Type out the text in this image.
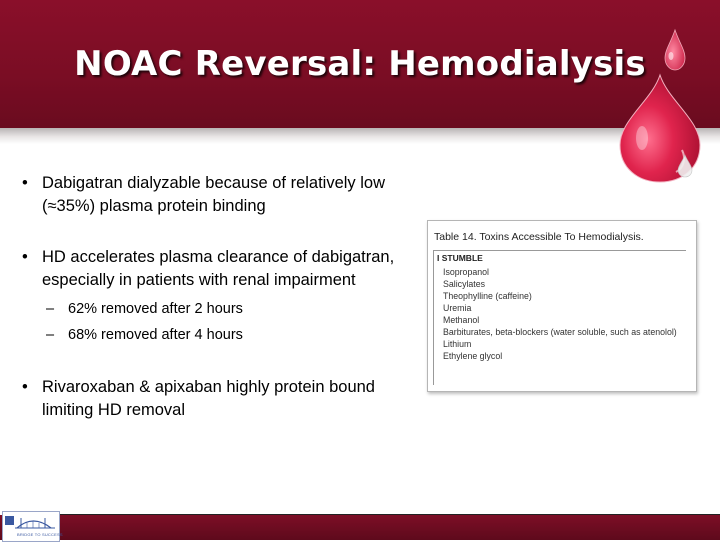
NOAC Reversal: Hemodialysis
• Dabigatran dialyzable because of relatively low (≈35%) plasma protein binding
• HD accelerates plasma clearance of dabigatran, especially in patients with renal impairment
– 62% removed after 2 hours
– 68% removed after 4 hours
• Rivaroxaban & apixaban highly protein bound limiting HD removal
Table 14. Toxins Accessible To Hemodialysis.
I STUMBLE
Isopropanol
Salicylates
Theophylline (caffeine)
Uremia
Methanol
Barbiturates, beta-blockers (water soluble, such as atenolol)
Lithium
Ethylene glycol
BRIDGE TO SUCCESS
